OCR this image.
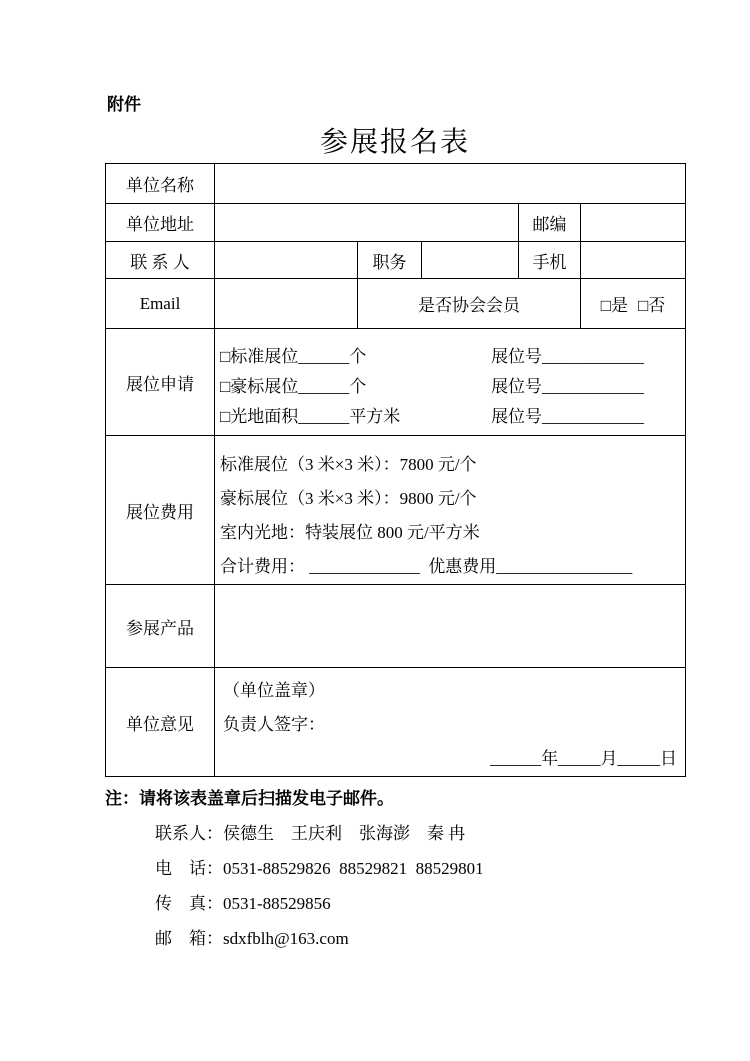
附件
参展报名表
单位名称					
单位地址				邮编	
联 系 人		职务		手机	
Email		是否协会会员			□是 □否
展位申请	
□标准展位______个	展位号____________
□豪标展位______个	展位号____________
□光地面积______平方米	展位号____________

展位费用	标准展位（3 米×3 米）：7800 元/个
豪标展位（3 米×3 米）：9800 元/个
室内光地：特装展位 800 元/平方米
合计费用： _____________  优惠费用________________				

参展产品					
单位意见	（单位盖章）
负责人签字：
______年_____月_____日				
注：请将该表盖章后扫描发电子邮件。
联系人：侯德生　王庆利　张海澎　秦 冉
电　话：0531-88529826  88529821  88529801
传　真：0531-88529856
邮　箱：sdxfblh@163.com
